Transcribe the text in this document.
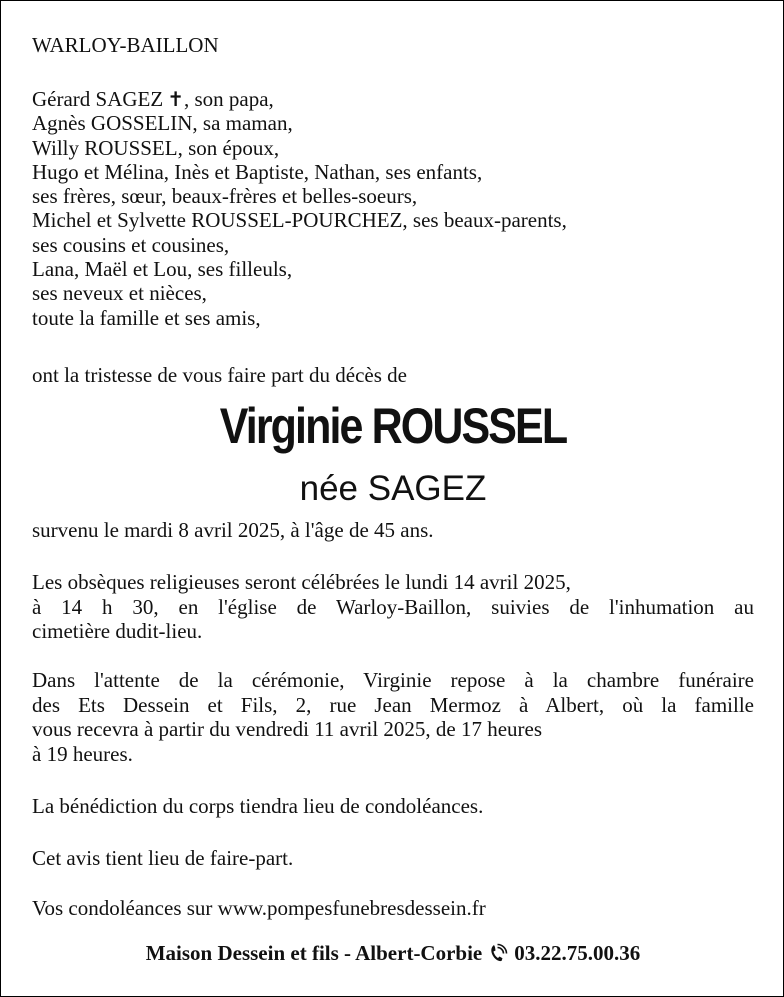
WARLOY-BAILLON
Gérard SAGEZ ✝, son papa,
Agnès GOSSELIN, sa maman,
Willy ROUSSEL, son époux,
Hugo et Mélina, Inès et Baptiste, Nathan, ses enfants,
ses frères, sœur, beaux-frères et belles-soeurs,
Michel et Sylvette ROUSSEL-POURCHEZ, ses beaux-parents,
ses cousins et cousines,
Lana, Maël et Lou, ses filleuls,
ses neveux et nièces,
toute la famille et ses amis,
ont la tristesse de vous faire part du décès de
Virginie ROUSSEL
née SAGEZ
survenu le mardi 8 avril 2025, à l'âge de 45 ans.
Les obsèques religieuses seront célébrées le lundi 14 avril 2025,
à 14 h 30, en l'église de Warloy-Baillon, suivies de l'inhumation au
cimetière dudit-lieu.
Dans l'attente de la cérémonie, Virginie repose à la chambre funéraire
des Ets Dessein et Fils, 2, rue Jean Mermoz à Albert, où la famille
vous recevra à partir du vendredi 11 avril 2025, de 17 heures
à 19 heures.
La bénédiction du corps tiendra lieu de condoléances.
Cet avis tient lieu de faire-part.
Vos condoléances sur www.pompesfunebresdessein.fr
Maison Dessein et fils - Albert-Corbie 03.22.75.00.36
